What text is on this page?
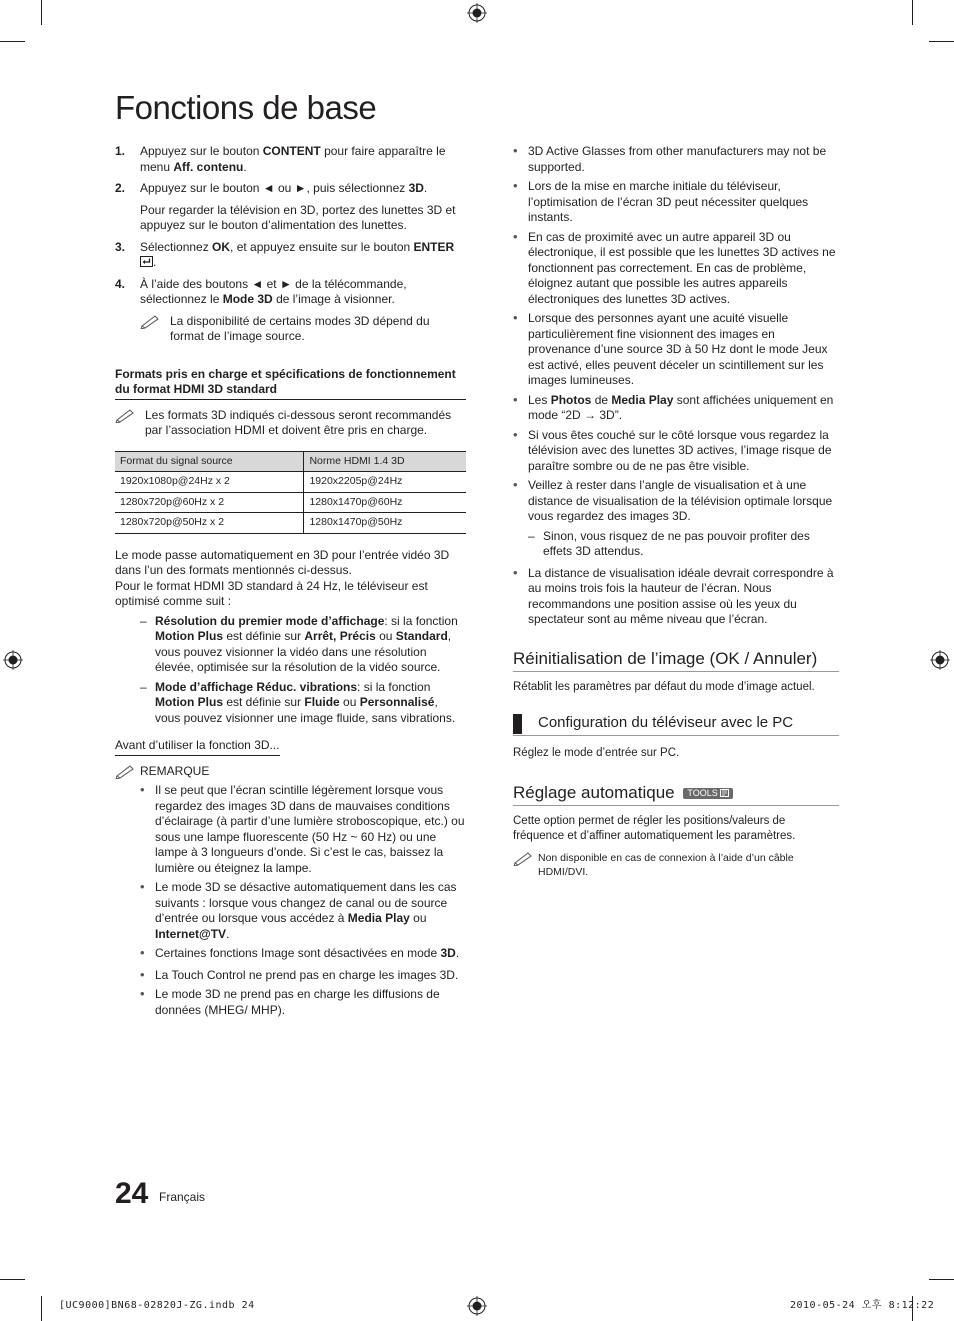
Fonctions de base
1. Appuyez sur le bouton CONTENT pour faire apparaître le menu Aff. contenu.
2. Appuyez sur le bouton ◄ ou ►, puis sélectionnez 3D.
Pour regarder la télévision en 3D, portez des lunettes 3D et appuyez sur le bouton d’alimentation des lunettes.
3. Sélectionnez OK, et appuyez ensuite sur le bouton ENTER .
4. À l’aide des boutons ◄ et ► de la télécommande, sélectionnez le Mode 3D de l’image à visionner.
La disponibilité de certains modes 3D dépend du format de l’image source.
Formats pris en charge et spécifications de fonctionnement du format HDMI 3D standard
Les formats 3D indiqués ci-dessous seront recommandés par l’association HDMI et doivent être pris en charge.
Format du signal source	Norme HDMI 1.4 3D
1920x1080p@24Hz x 2	1920x2205p@24Hz
1280x720p@60Hz x 2	1280x1470p@60Hz
1280x720p@50Hz x 2	1280x1470p@50Hz

Le mode passe automatiquement en 3D pour l’entrée vidéo 3D dans l’un des formats mentionnés ci-dessus.

Pour le format HDMI 3D standard à 24 Hz, le téléviseur est optimisé comme suit :

– Résolution du premier mode d’affichage: si la fonction Motion Plus est définie sur Arrêt, Précis ou Standard, vous pouvez visionner la vidéo dans une résolution élevée, optimisée sur la résolution de la vidéo source.
– Mode d’affichage Réduc. vibrations: si la fonction Motion Plus est définie sur Fluide ou Personnalisé, vous pouvez visionner une image fluide, sans vibrations.
Avant d’utiliser la fonction 3D...
REMARQUE
• Il se peut que l’écran scintille légèrement lorsque vous regardez des images 3D dans de mauvaises conditions d’éclairage (à partir d’une lumière stroboscopique, etc.) ou sous une lampe fluorescente (50 Hz ~ 60 Hz) ou une lampe à 3 longueurs d’onde. Si c’est le cas, baissez la lumière ou éteignez la lampe.
• Le mode 3D se désactive automatiquement dans les cas suivants : lorsque vous changez de canal ou de source d’entrée ou lorsque vous accédez à Media Play ou Internet@TV.
• Certaines fonctions Image sont désactivées en mode 3D.
• La Touch Control ne prend pas en charge les images 3D.
• Le mode 3D ne prend pas en charge les diffusions de données (MHEG/ MHP).
• 3D Active Glasses from other manufacturers may not be supported.
• Lors de la mise en marche initiale du téléviseur, l’optimisation de l’écran 3D peut nécessiter quelques instants.
• En cas de proximité avec un autre appareil 3D ou électronique, il est possible que les lunettes 3D actives ne fonctionnent pas correctement. En cas de problème, éloignez autant que possible les autres appareils électroniques des lunettes 3D actives.
• Lorsque des personnes ayant une acuité visuelle particulièrement fine visionnent des images en provenance d’une source 3D à 50 Hz dont le mode Jeux est activé, elles peuvent déceler un scintillement sur les images lumineuses.
• Les Photos de Media Play sont affichées uniquement en mode “2D → 3D”.
• Si vous êtes couché sur le côté lorsque vous regardez la télévision avec des lunettes 3D actives, l’image risque de paraître sombre ou de ne pas être visible.
• Veillez à rester dans l’angle de visualisation et à une distance de visualisation de la télévision optimale lorsque vous regardez des images 3D.
– Sinon, vous risquez de ne pas pouvoir profiter des effets 3D attendus.
• La distance de visualisation idéale devrait correspondre à au moins trois fois la hauteur de l’écran. Nous recommandons une position assise où les yeux du spectateur sont au même niveau que l’écran.
Réinitialisation de l’image (OK / Annuler)

Rétablit les paramètres par défaut du mode d’image actuel.

Configuration du téléviseur avec le PC

Réglez le mode d’entrée sur PC.

Réglage automatique TOOLS

Cette option permet de régler les positions/valeurs de fréquence et d’affiner automatiquement les paramètres.

Non disponible en cas de connexion à l’aide d’un câble HDMI/DVI.
24 Français
[UC9000]BN68-02820J-ZG.indb 24	2010-05-24 오후 8:12:22
